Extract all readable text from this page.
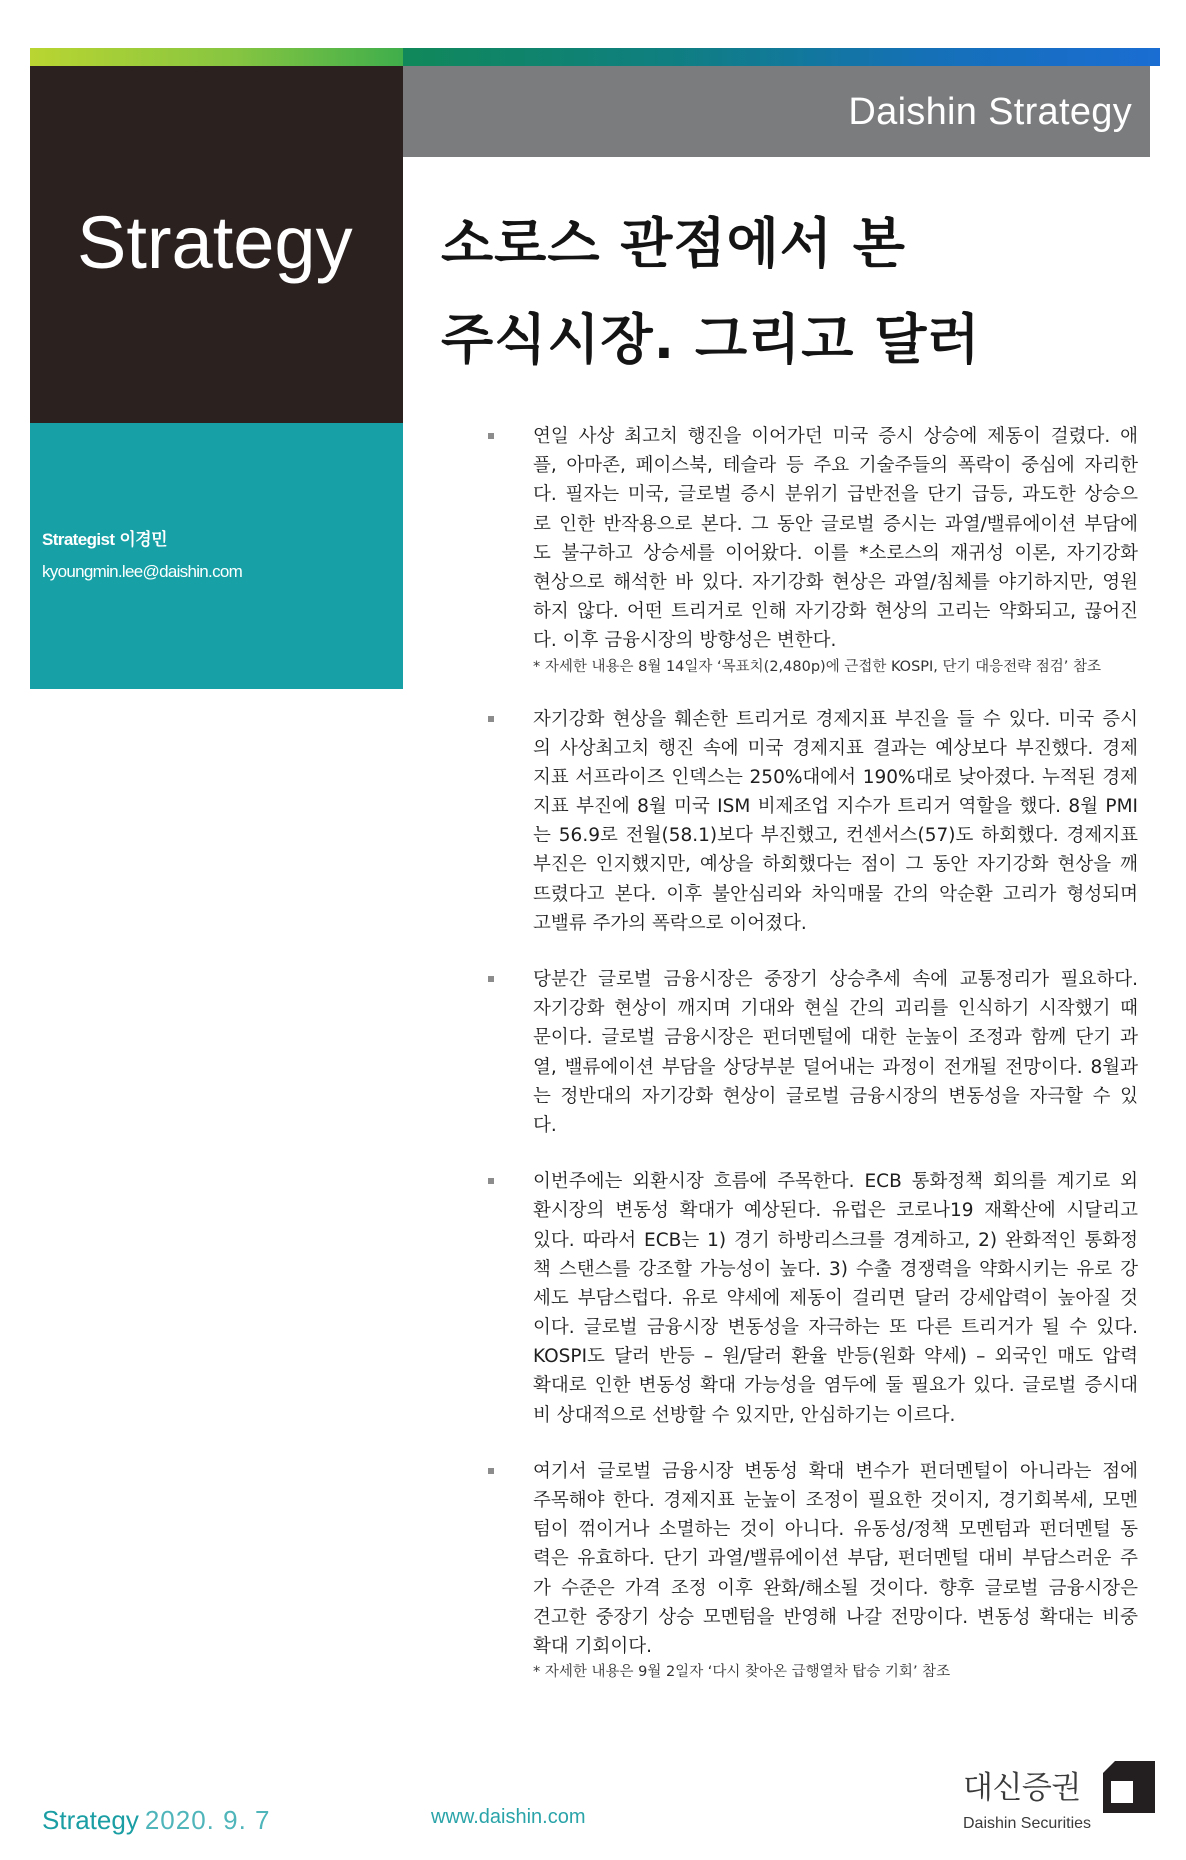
Strategy
Strategist 이경민
kyoungmin.lee@daishin.com
Daishin Strategy
소로스 관점에서 본
주식시장. 그리고 달러
연일 사상 최고치 행진을 이어가던 미국 증시 상승에 제동이 걸렸다. 애
플, 아마존, 페이스북, 테슬라 등 주요 기술주들의 폭락이 중심에 자리한
다. 필자는 미국, 글로벌 증시 분위기 급반전을 단기 급등, 과도한 상승으
로 인한 반작용으로 본다. 그 동안 글로벌 증시는 과열/밸류에이션 부담에
도 불구하고 상승세를 이어왔다. 이를 *소로스의 재귀성 이론, 자기강화
현상으로 해석한 바 있다. 자기강화 현상은 과열/침체를 야기하지만, 영원
하지 않다. 어떤 트리거로 인해 자기강화 현상의 고리는 약화되고, 끊어진
다. 이후 금융시장의 방향성은 변한다.
* 자세한 내용은 8월 14일자 ‘목표치(2,480p)에 근접한 KOSPI, 단기 대응전략 점검’ 참조
자기강화 현상을 훼손한 트리거로 경제지표 부진을 들 수 있다. 미국 증시
의 사상최고치 행진 속에 미국 경제지표 결과는 예상보다 부진했다. 경제
지표 서프라이즈 인덱스는 250%대에서 190%대로 낮아졌다. 누적된 경제
지표 부진에 8월 미국 ISM 비제조업 지수가 트리거 역할을 했다. 8월 PMI
는 56.9로 전월(58.1)보다 부진했고, 컨센서스(57)도 하회했다. 경제지표
부진은 인지했지만, 예상을 하회했다는 점이 그 동안 자기강화 현상을 깨
뜨렸다고 본다. 이후 불안심리와 차익매물 간의 악순환 고리가 형성되며
고밸류 주가의 폭락으로 이어졌다.
당분간 글로벌 금융시장은 중장기 상승추세 속에 교통정리가 필요하다.
자기강화 현상이 깨지며 기대와 현실 간의 괴리를 인식하기 시작했기 때
문이다. 글로벌 금융시장은 펀더멘털에 대한 눈높이 조정과 함께 단기 과
열, 밸류에이션 부담을 상당부분 덜어내는 과정이 전개될 전망이다. 8월과
는 정반대의 자기강화 현상이 글로벌 금융시장의 변동성을 자극할 수 있
다.
이번주에는 외환시장 흐름에 주목한다. ECB 통화정책 회의를 계기로 외
환시장의 변동성 확대가 예상된다. 유럽은 코로나19 재확산에 시달리고
있다. 따라서 ECB는 1) 경기 하방리스크를 경계하고, 2) 완화적인 통화정
책 스탠스를 강조할 가능성이 높다. 3) 수출 경쟁력을 약화시키는 유로 강
세도 부담스럽다. 유로 약세에 제동이 걸리면 달러 강세압력이 높아질 것
이다. 글로벌 금융시장 변동성을 자극하는 또 다른 트리거가 될 수 있다.
KOSPI도 달러 반등 – 원/달러 환율 반등(원화 약세) – 외국인 매도 압력
확대로 인한 변동성 확대 가능성을 염두에 둘 필요가 있다. 글로벌 증시대
비 상대적으로 선방할 수 있지만, 안심하기는 이르다.
여기서 글로벌 금융시장 변동성 확대 변수가 펀더멘털이 아니라는 점에
주목해야 한다. 경제지표 눈높이 조정이 필요한 것이지, 경기회복세, 모멘
텀이 꺾이거나 소멸하는 것이 아니다. 유동성/정책 모멘텀과 펀더멘털 동
력은 유효하다. 단기 과열/밸류에이션 부담, 펀더멘털 대비 부담스러운 주
가 수준은 가격 조정 이후 완화/해소될 것이다. 향후 글로벌 금융시장은
견고한 중장기 상승 모멘텀을 반영해 나갈 전망이다. 변동성 확대는 비중
확대 기회이다.
* 자세한 내용은 9월 2일자 ‘다시 찾아온 급행열차 탑승 기회’ 참조
Strategy 2020. 9. 7	www.daishin.com
대신증권
Daishin Securities
